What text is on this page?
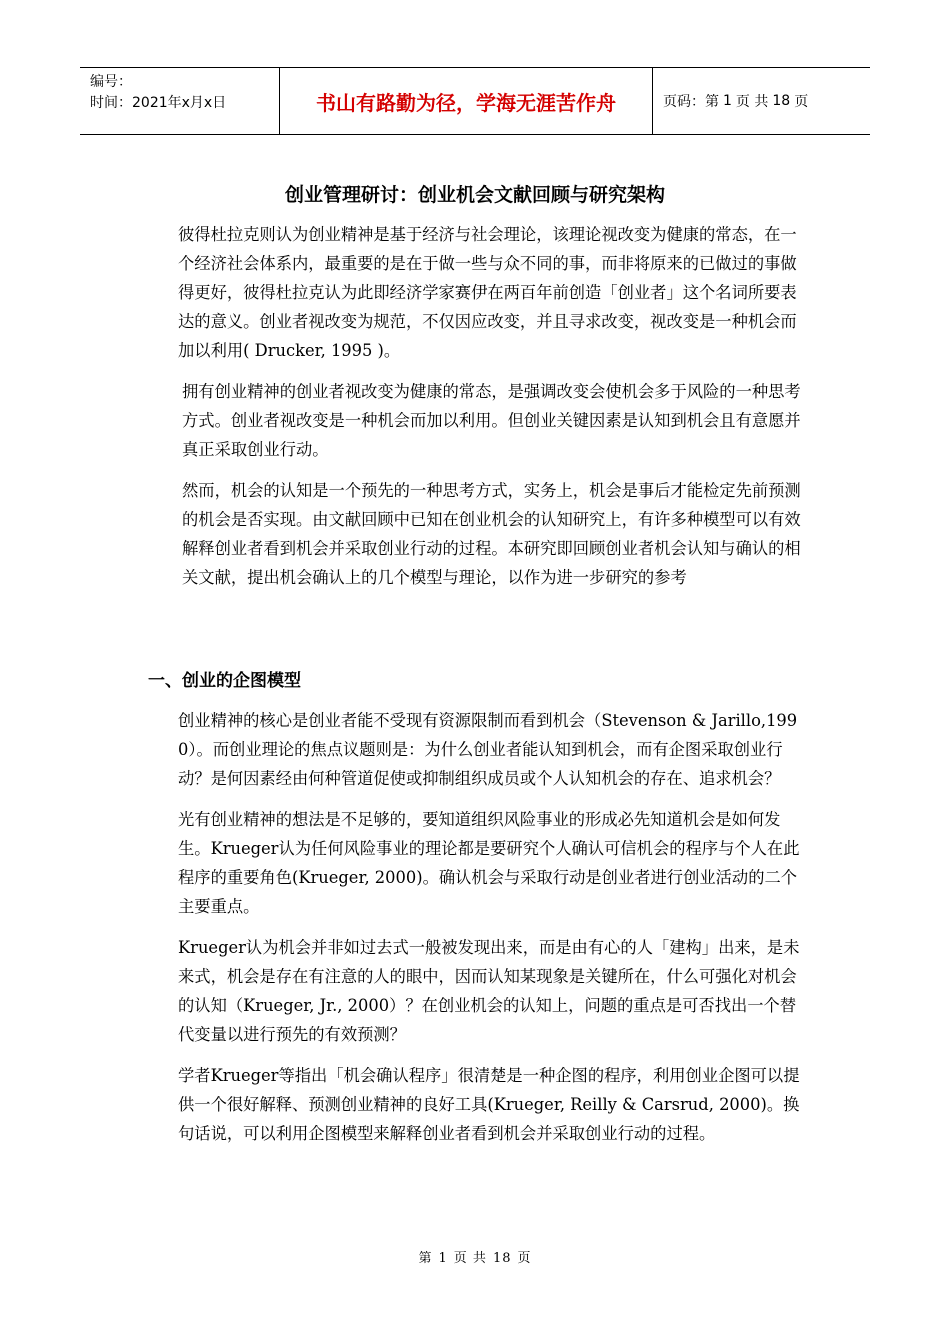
编号：
时间：2021年x月x日	书山有路勤为径，学海无涯苦作舟	页码：第 1 页 共 18 页
创业管理研讨：创业机会文献回顾与研究架构

彼得杜拉克则认为创业精神是基于经济与社会理论，该理论视改变为健康的常态，在一个经济社会体系内，最重要的是在于做一些与众不同的事，而非将原来的已做过的事做得更好，彼得杜拉克认为此即经济学家赛伊在两百年前创造「创业者」这个名词所要表达的意义。创业者视改变为规范，不仅因应改变，并且寻求改变，视改变是一种机会而加以利用( Drucker, 1995 )。

拥有创业精神的创业者视改变为健康的常态，是强调改变会使机会多于风险的一种思考方式。创业者视改变是一种机会而加以利用。但创业关键因素是认知到机会且有意愿并真正采取创业行动。

然而，机会的认知是一个预先的一种思考方式，实务上，机会是事后才能检定先前预测的机会是否实现。由文献回顾中已知在创业机会的认知研究上，有许多种模型可以有效解释创业者看到机会并采取创业行动的过程。本研究即回顾创业者机会认知与确认的相关文献，提出机会确认上的几个模型与理论，以作为进一步研究的参考

一、创业的企图模型

创业精神的核心是创业者能不受现有资源限制而看到机会（Stevenson & Jarillo,1990）。而创业理论的焦点议题则是：为什么创业者能认知到机会，而有企图采取创业行动？是何因素经由何种管道促使或抑制组织成员或个人认知机会的存在、追求机会？

光有创业精神的想法是不足够的，要知道组织风险事业的形成必先知道机会是如何发生。Krueger认为任何风险事业的理论都是要研究个人确认可信机会的程序与个人在此程序的重要角色(Krueger, 2000)。确认机会与采取行动是创业者进行创业活动的二个主要重点。

Krueger认为机会并非如过去式一般被发现出来，而是由有心的人「建构」出来，是未来式，机会是存在有注意的人的眼中，因而认知某现象是关键所在，什么可强化对机会的认知（Krueger, Jr., 2000）？在创业机会的认知上，问题的重点是可否找出一个替代变量以进行预先的有效预测？

学者Krueger等指出「机会确认程序」很清楚是一种企图的程序，利用创业企图可以提供一个很好解释、预测创业精神的良好工具(Krueger, Reilly & Carsrud, 2000)。换句话说，可以利用企图模型来解释创业者看到机会并采取创业行动的过程。

第 1 页 共 18 页
